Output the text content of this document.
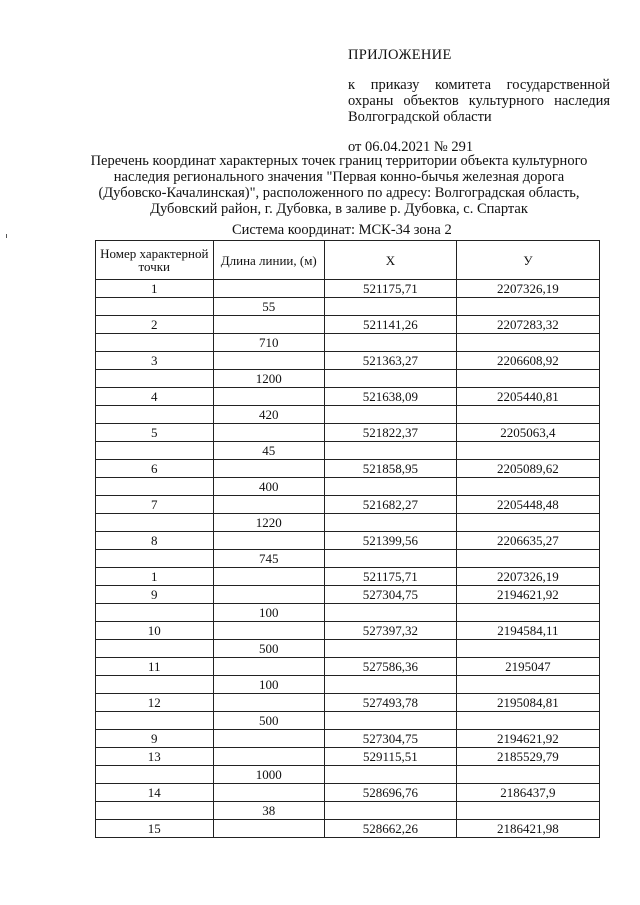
ПРИЛОЖЕНИЕ

к приказу комитета государственной охраны объектов культурного наследия Волгоградской области

от 06.04.2021 № 291

Перечень координат характерных точек границ территории объекта культурного наследия регионального значения "Первая конно-бычья железная дорога (Дубовско-Качалинская)", расположенного по адресу: Волгоградская область, Дубовский район, г. Дубовка, в заливе р. Дубовка, с. Спартак

Система координат: МСК-34 зона 2

Номер характерной точки	Длина линии, (м)	X	У
1		521175,71	2207326,19
	55		
2		521141,26	2207283,32
	710		
3		521363,27	2206608,92
	1200		
4		521638,09	2205440,81
	420		
5		521822,37	2205063,4
	45		
6		521858,95	2205089,62
	400		
7		521682,27	2205448,48
	1220		
8		521399,56	2206635,27
	745		
1		521175,71	2207326,19
9		527304,75	2194621,92
	100		
10		527397,32	2194584,11
	500		
11		527586,36	2195047
	100		
12		527493,78	2195084,81
	500		
9		527304,75	2194621,92
13		529115,51	2185529,79
	1000		
14		528696,76	2186437,9
	38		
15		528662,26	2186421,98
